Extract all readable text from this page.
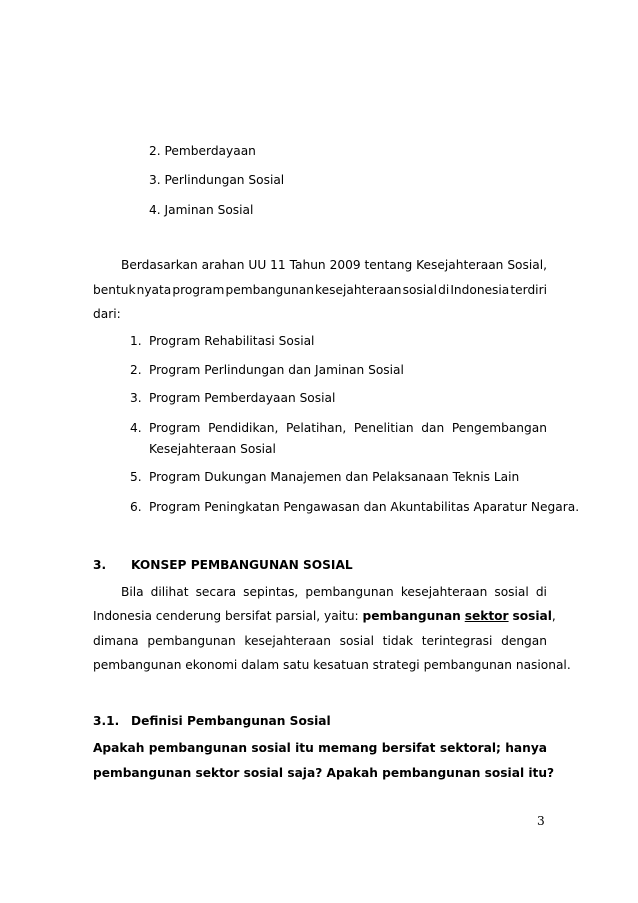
2. Pemberdayaan
3. Perlindungan Sosial
4. Jaminan Sosial
Berdasarkan arahan UU 11 Tahun 2009 tentang Kesejahteraan Sosial,
bentuk nyata program pembangunan kesejahteraan sosial di Indonesia terdiri
dari:
1. Program Rehabilitasi Sosial
2. Program Perlindungan dan Jaminan Sosial
3. Program Pemberdayaan Sosial
4. Program Pendidikan, Pelatihan, Penelitian dan Pengembangan
Kesejahteraan Sosial
5. Program Dukungan Manajemen dan Pelaksanaan Teknis Lain
6. Program Peningkatan Pengawasan dan Akuntabilitas Aparatur Negara.
3. KONSEP PEMBANGUNAN SOSIAL
Bila dilihat secara sepintas, pembangunan kesejahteraan sosial di
Indonesia cenderung bersifat parsial, yaitu: pembangunan sektor sosial,
dimana pembangunan kesejahteraan sosial tidak terintegrasi dengan
pembangunan ekonomi dalam satu kesatuan strategi pembangunan nasional.
3.1. Definisi Pembangunan Sosial
Apakah pembangunan sosial itu memang bersifat sektoral; hanya
pembangunan sektor sosial saja? Apakah pembangunan sosial itu?
3
